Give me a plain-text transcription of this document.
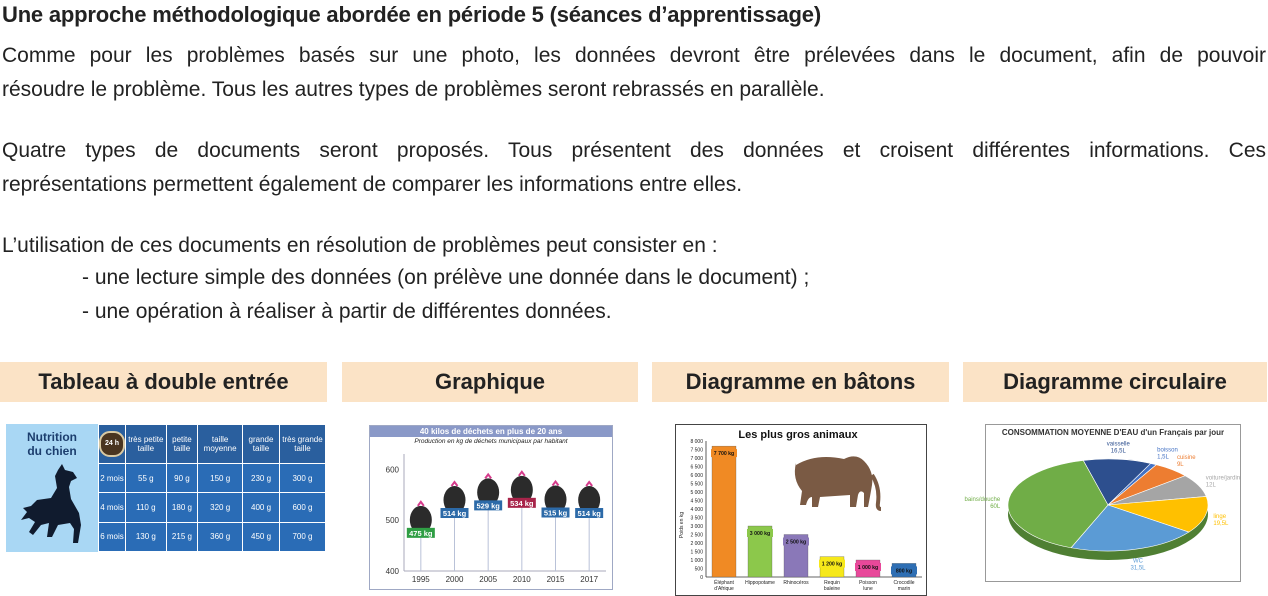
Une approche méthodologique abordée en période 5 (séances d’apprentissage)
Comme pour les problèmes basés sur une photo, les données devront être prélevées dans le document, afin de pouvoir
résoudre le problème. Tous les autres types de problèmes seront rebrassés en parallèle.
Quatre types de documents seront proposés. Tous présentent des données et croisent différentes informations. Ces
représentations permettent également de comparer les informations entre elles.
L’utilisation de ces documents en résolution de problèmes peut consister en :
- une lecture simple des données (on prélève une donnée dans le document) ;
- une opération à réaliser à partir de différentes données.
Tableau à double entrée	Graphique	Diagramme en bâtons	Diagramme circulaire
Nutrition
du chien
24 h	très petite taille	petite taille	taille moyenne	grande taille	très grande taille
2 mois	55 g	90 g	150 g	230 g	300 g
4 mois	110 g	180 g	320 g	400 g	600 g
6 mois	130 g	215 g	360 g	450 g	700 g
40 kilos de déchets en plus de 20 ans
Production en kg de déchets municipaux par habitant
400
500
600
475 kg
1995
514 kg
2000
529 kg
2005
534 kg
2010
515 kg
2015
514 kg
2017
Les plus gros animaux
0
500
1 000
1 500
2 000
2 500
3 000
3 500
4 000
4 500
5 000
5 500
6 000
6 500
7 000
7 500
8 000
Poids en kg
7 700 kg
Éléphant
d'Afrique
3 000 kg
Hippopotame
2 500 kg
Rhinocéros
1 200 kg
Requin
baleine
1 000 kg
Poisson
lune
800 kg
Crocodile
marin
CONSOMMATION MOYENNE D'EAU d'un Français par jour
vaisselle
16,5L	boisson
1,5L cuisine
9L
voiture/jardin
12L
linge
19,5L
WC
31,5L
bains/douche
60L
